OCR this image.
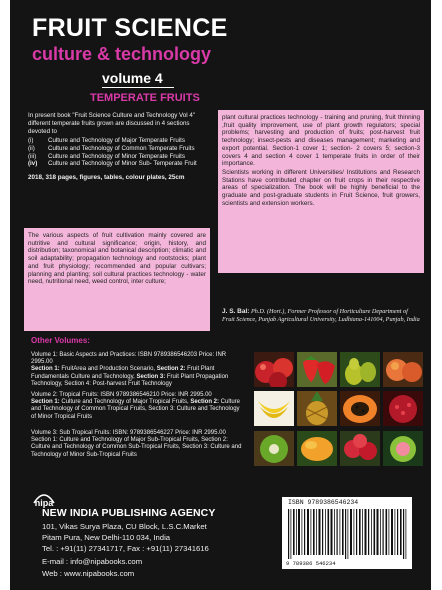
FRUIT SCIENCE
culture & technology
volume 4
TEMPERATE FRUITS
In present book "Fruit Science Culture and Technology Vol 4" different temperate fruits grown are discussed in 4 sections devoted to
(i)	Culture and Technology of Major Temperate Fruits
(ii)	Culture and Technology of Common Temperate Fruits
(iii)	Culture and Technology of Minor Temperate Fruits
(iv)	Culture and Technology of Minor Sub- Temperate Fruit
2018, 318 pages, figures, tables, colour plates, 25cm
The various aspects of fruit cultivation mainly covered are nutritive and cultural significance; origin, history, and distribution; taxonomical and botanical description; climatic and soil adaptability; propagation technology and rootstocks; plant and fruit physiology; recommended and popular cultivars; planning and planting; soil cultural practices technology - water need, nutritional need, weed control, inter culture;

plant cultural practices technology - training and pruning, fruit thinning ,fruit quality improvement, use of plant growth regulators; special problems; harvesting and production of fruits; post-harvest fruit technology; insect-pests and diseases management; marketing and export potential. Section-1 cover 1; section- 2 covers 5; section-3 covers 4 and section 4 cover 1 temperate fruits in order of their importance.

Scientists working in different Universities/ Institutions and Research Stations have contributed chapter on fruit crops in their respective areas of specialization. The book will be highly beneficial to the graduate and post-graduate students in Fruit Science, fruit growers, scientists and extension workers.

J. S. Bal: Ph.D. (Hort.), Former Professor of Horticulture Department of Fruit Science, Punjab Agricultural University, Ludhiana-141004, Punjab, India
Other Volumes:
Volume 1: Basic Aspects and Practices: ISBN 9789386546203 Price: INR 2995.00
Section 1: FruitArea and Production Scenario, Section 2: Fruit Plant Fundamentals Culture and Technology, Section 3: Fruit Plant Propagation Technology, Section 4: Post-harvest Fruit Technology
Volume 2: Tropical Fruits: ISBN 9789386546210 Price: INR 2995.00
Section 1: Culture and Technology of Major Tropical Fruits, Section 2: Culture and Technology of Common Tropical Fruits, Section 3: Culture and Technology of Minor Tropical Fruits
Volume 3: Sub Tropical Fruits: ISBN: 9789386546227 Price: INR 2995.00
Section 1: Culture and Technology of Major Sub-Tropical Fruits, Section 2: Culture and Technology of Common Sub-Tropical Fruits, Section 3: Culture and Technology of Minor Sub-Tropical Fruits
nipa
NEW INDIA PUBLISHING AGENCY
101, Vikas Surya Plaza, CU Block, L.S.C.Market
Pitam Pura, New Delhi-110 034, India
Tel. : +91(11) 27341717, Fax : +91(11) 27341616
E-mail : info@nipabooks.com
Web : www.nipabooks.com
ISBN 9789386546234
9 789386 546234
